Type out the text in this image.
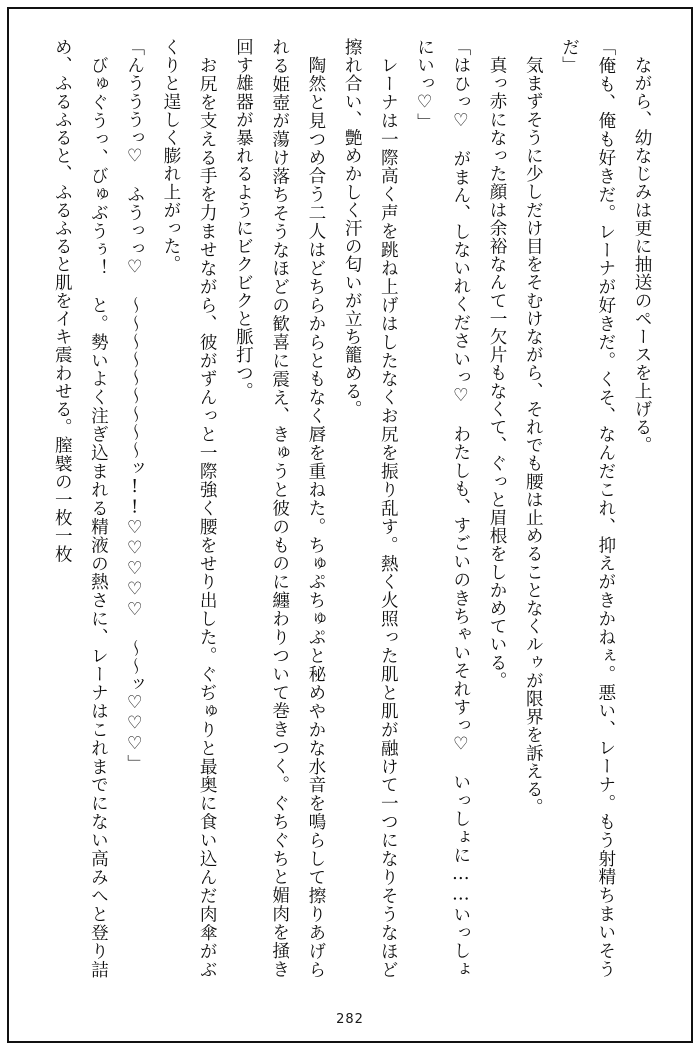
ながら、幼なじみは更に抽送のペースを上げる。

「俺も、俺も好きだ。レーナが好きだ。くそ、なんだこれ、抑えがきかねぇ。悪い、レーナ。もう射精ちまいそうだ」

気まずそうに少しだけ目をそむけながら、それでも腰は止めることなくルゥが限界を訴える。

真っ赤になった顔は余裕なんて一欠片もなくて、ぐっと眉根をしかめている。

「はひっ♡　がまん、しないれくださいっ♡　わたしも、すごいのきちゃいそれすっ♡　いっしょに……いっしょにいっ♡」

レーナは一際高く声を跳ね上げはしたなくお尻を振り乱す。熱く火照った肌と肌が融けて一つになりそうなほど擦れ合い、艶めかしく汗の匂いが立ち籠める。

陶然と見つめ合う二人はどちらからともなく唇を重ねた。ちゅぷちゅぷと秘めやかな水音を鳴らして擦りあげられる姫壺が蕩け落ちそうなほどの歓喜に震え、きゅうと彼のものに纏わりついて巻きつく。ぐちぐちと媚肉を掻き回す雄器が暴れるようにビクビクと脈打つ。

お尻を支える手を力ませながら、彼がずんっと一際強く腰をせり出した。ぐぢゅりと最奥に食い込んだ肉傘がぶくりと逞しく膨れ上がった。

「んうううっ♡　ふうっっ♡　〜〜〜〜〜〜〜〜〜ッ!!♡♡♡♡♡　〜〜ッ♡♡♡」

びゅぐうっ、びゅぶうぅ！　と。勢いよく注ぎ込まれる精液の熱さに、レーナはこれまでにない高みへと登り詰め、ふるふると、ふるふると肌をイキ震わせる。膣襞の一枚一枚

282
